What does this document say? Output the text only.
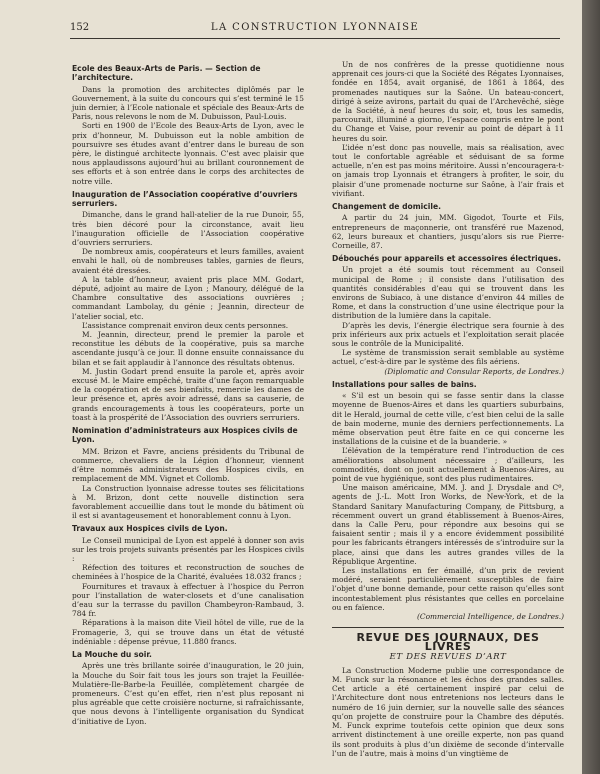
152	LA CONSTRUCTION LYONNAISE
Ecole des Beaux-Arts de Paris. — Section de l’architecture.

Dans la promotion des architectes diplômés par le Gouvernement, à la suite du concours qui s’est terminé le 15 juin dernier, à l’Ecole nationale et spéciale des Beaux-Arts de Paris, nous relevons le nom de M. Dubuisson, Paul-Louis.

Sorti en 1900 de l’Ecole des Beaux-Arts de Lyon, avec le prix d’honneur, M. Dubuisson eut la noble ambition de poursuivre ses études avant d’entrer dans le bureau de son père, le distingué architecte lyonnais. C’est avec plaisir que nous applaudissons aujourd’hui au brillant couronnement de ses efforts et à son entrée dans le corps des architectes de notre ville.

Inauguration de l’Association coopérative d’ouvriers serruriers.

Dimanche, dans le grand hall-atelier de la rue Dunoir, 55, très bien décoré pour la circonstance, avait lieu l’inauguration officielle de l’Association coopérative d’ouvriers serruriers.

De nombreux amis, coopérateurs et leurs familles, avaient envahi le hall, où de nombreuses tables, garnies de fleurs, avaient été dressées.

A la table d’honneur, avaient pris place MM. Godart, député, adjoint au maire de Lyon ; Manoury, délégué de la Chambre consultative des associations ouvrières ; commandant Lambolay, du génie ; Jeannin, directeur de l’atelier social, etc.

L’assistance comprenait environ deux cents personnes.

M. Jeannin, directeur, prend le premier la parole et reconstitue les débuts de la coopérative, puis sa marche ascendante jusqu’à ce jour. Il donne ensuite connaissance du bilan et se fait applaudir à l’annonce des résultats obtenus.

M. Justin Godart prend ensuite la parole et, après avoir excusé M. le Maire empêché, traite d’une façon remarquable de la coopération et de ses bienfaits, remercie les dames de leur présence et, après avoir adressé, dans sa causerie, de grands encouragements à tous les coopérateurs, porte un toast à la prospérité de l’Association des ouvriers serruriers.

Nomination d’administrateurs aux Hospices civils de Lyon.

MM. Brizon et Favre, anciens présidents du Tribunal de commerce, chevaliers de la Légion d’honneur, viennent d’être nommés administrateurs des Hospices civils, en remplacement de MM. Vignet et Collomb.

La Construction lyonnaise adresse toutes ses félicitations à M. Brizon, dont cette nouvelle distinction sera favorablement accueillie dans tout le monde du bâtiment où il est si avantageusement et honorablement connu à Lyon.

Travaux aux Hospices civils de Lyon.

Le Conseil municipal de Lyon est appelé à donner son avis sur les trois projets suivants présentés par les Hospices civils :

Réfection des toitures et reconstruction de souches de cheminées à l’hospice de la Charité, évaluées 18.032 francs ;

Fournitures et travaux à effectuer à l’hospice du Perron pour l’installation de water-closets et d’une canalisation d’eau sur la terrasse du pavillon Chambeyron-Rambaud, 3. 784 fr.

Réparations à la maison dite Vieil hôtel de ville, rue de la Fromagerie, 3, qui se trouve dans un état de vétusté indéniable : dépense prévue, 11.880 francs.

La Mouche du soir.

Après une très brillante soirée d’inauguration, le 20 juin, la Mouche du Soir fait tous les jours son trajet la Feuillée-Mulatière-Ile-Barbe-la Feuillée, complètement chargée de promeneurs. C’est qu’en effet, rien n’est plus reposant ni plus agréable que cette croisière nocturne, si rafraîchissante, que nous devons à l’intelligente organisation du Syndicat d’initiative de Lyon.

Un de nos confrères de la presse quotidienne nous apprenait ces jours-ci que la Société des Régates Lyonnaises, fondée en 1854, avait organisé, de 1861 à 1864, des promenades nautiques sur la Saône. Un bateau-concert, dirigé à seize avirons, partait du quai de l’Archevêché, siège de la Société, à neuf heures du soir, et, tous les samedis, parcourait, illuminé a giorno, l’espace compris entre le pont du Change et Vaise, pour revenir au point de départ à 11 heures du soir.

L’idée n’est donc pas nouvelle, mais sa réalisation, avec tout le confortable agréable et séduisant de sa forme actuelle, n’en est pas moins méritoire. Aussi n’encouragera-t-on jamais trop Lyonnais et étrangers à profiter, le soir, du plaisir d’une promenade nocturne sur Saône, à l’air frais et vivifiant.

Changement de domicile.

A partir du 24 juin, MM. Gigodot, Tourte et Fils, entrepreneurs de maçonnerie, ont transféré rue Mazenod, 62, leurs bureaux et chantiers, jusqu’alors sis rue Pierre-Corneille, 87.

Débouchés pour appareils et accessoires électriques.

Un projet a été soumis tout récemment au Conseil municipal de Rome ; il consiste dans l’utilisation des quantités considérables d’eau qui se trouvent dans les environs de Subiaco, à une distance d’environ 44 milles de Rome, et dans la construction d’une usine électrique pour la distribution de la lumière dans la capitale.

D’après les devis, l’énergie électrique sera fournie à des prix inférieurs aux prix actuels et l’exploitation serait placée sous le contrôle de la Municipalité.

Le système de transmission serait semblable au système actuel, c’est-à-dire par le système des fils aériens.

(Diplomatic and Consular Reports, de Londres.)

Installations pour salles de bains.

« S’il est un besoin qui se fasse sentir dans la classe moyenne de Buenos-Aires et dans les quartiers suburbains, dit le Herald, journal de cette ville, c’est bien celui de la salle de bain moderne, munie des derniers perfectionnements. La même observation peut être faite en ce qui concerne les installations de la cuisine et de la buanderie. »

L’élévation de la température rend l’introduction de ces améliorations absolument nécessaire ; d’ailleurs, les commodités, dont on jouit actuellement à Buenos-Aires, au point de vue hygiénique, sont des plus rudimentaires.

Une maison américaine, MM. J. and J. Drysdale and Cº, agents de J.-L. Mott Iron Works, de New-York, et de la Standard Sanitary Manufacturing Company, de Pittsburg, a récemment ouvert un grand établissement à Buenos-Aires, dans la Calle Peru, pour répondre aux besoins qui se faisaient sentir ; mais il y a encore évidemment possibilité pour les fabricants étrangers intéressés de s’introduire sur la place, ainsi que dans les autres grandes villes de la République Argentine.

Les installations en fer émaillé, d’un prix de revient modéré, seraient particulièrement susceptibles de faire l’objet d’une bonne demande, pour cette raison qu’elles sont incontestablement plus résistantes que celles en porcelaine ou en faïence.

(Commercial Intelligence, de Londres.)

REVUE DES JOURNAUX, DES LIVRES
ET DES REVUES D’ART

La Construction Moderne publie une correspondance de M. Funck sur la résonance et les échos des grandes salles. Cet article a été certainement inspiré par celui de l’Architecture dont nous entretenions nos lecteurs dans le numéro de 16 juin dernier, sur la nouvelle salle des séances qu’on projette de construire pour la Chambre des députés. M. Funck exprime toutefois cette opinion que deux sons arrivent distinctement à une oreille experte, non pas quand ils sont produits à plus d’un dixième de seconde d’intervalle l’un de l’autre, mais à moins d’un vingtième de
